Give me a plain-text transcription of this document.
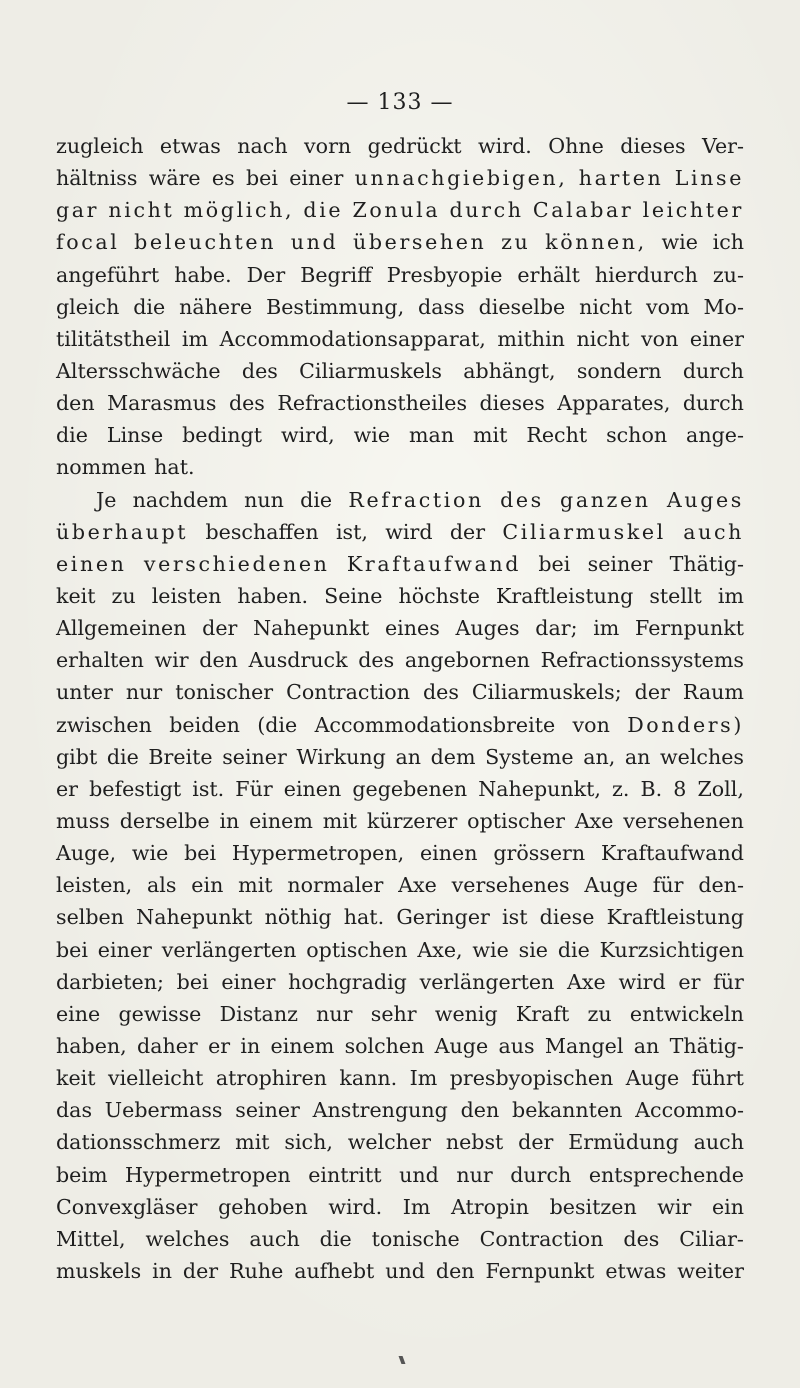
— 133 —
zugleich etwas nach vorn gedrückt wird. Ohne dieses Ver-
hältniss wäre es bei einer unnachgiebigen, harten Linse
gar nicht möglich, die Zonula durch Calabar leichter
focal beleuchten und übersehen zu können, wie ich
angeführt habe. Der Begriff Presbyopie erhält hierdurch zu-
gleich die nähere Bestimmung, dass dieselbe nicht vom Mo-
tilitätstheil im Accommodationsapparat, mithin nicht von einer
Altersschwäche des Ciliarmuskels abhängt, sondern durch
den Marasmus des Refractionstheiles dieses Apparates, durch
die Linse bedingt wird, wie man mit Recht schon ange-
nommen hat.
Je nachdem nun die Refraction des ganzen Auges
überhaupt beschaffen ist, wird der Ciliarmuskel auch
einen verschiedenen Kraftaufwand bei seiner Thätig-
keit zu leisten haben. Seine höchste Kraftleistung stellt im
Allgemeinen der Nahepunkt eines Auges dar; im Fernpunkt
erhalten wir den Ausdruck des angebornen Refractionssystems
unter nur tonischer Contraction des Ciliarmuskels; der Raum
zwischen beiden (die Accommodationsbreite von Donders)
gibt die Breite seiner Wirkung an dem Systeme an, an welches
er befestigt ist. Für einen gegebenen Nahepunkt, z. B. 8 Zoll,
muss derselbe in einem mit kürzerer optischer Axe versehenen
Auge, wie bei Hypermetropen, einen grössern Kraftaufwand
leisten, als ein mit normaler Axe versehenes Auge für den-
selben Nahepunkt nöthig hat. Geringer ist diese Kraftleistung
bei einer verlängerten optischen Axe, wie sie die Kurzsichtigen
darbieten; bei einer hochgradig verlängerten Axe wird er für
eine gewisse Distanz nur sehr wenig Kraft zu entwickeln
haben, daher er in einem solchen Auge aus Mangel an Thätig-
keit vielleicht atrophiren kann. Im presbyopischen Auge führt
das Uebermass seiner Anstrengung den bekannten Accommo-
dationsschmerz mit sich, welcher nebst der Ermüdung auch
beim Hypermetropen eintritt und nur durch entsprechende
Convexgläser gehoben wird. Im Atropin besitzen wir ein
Mittel, welches auch die tonische Contraction des Ciliar-
muskels in der Ruhe aufhebt und den Fernpunkt etwas weiter
